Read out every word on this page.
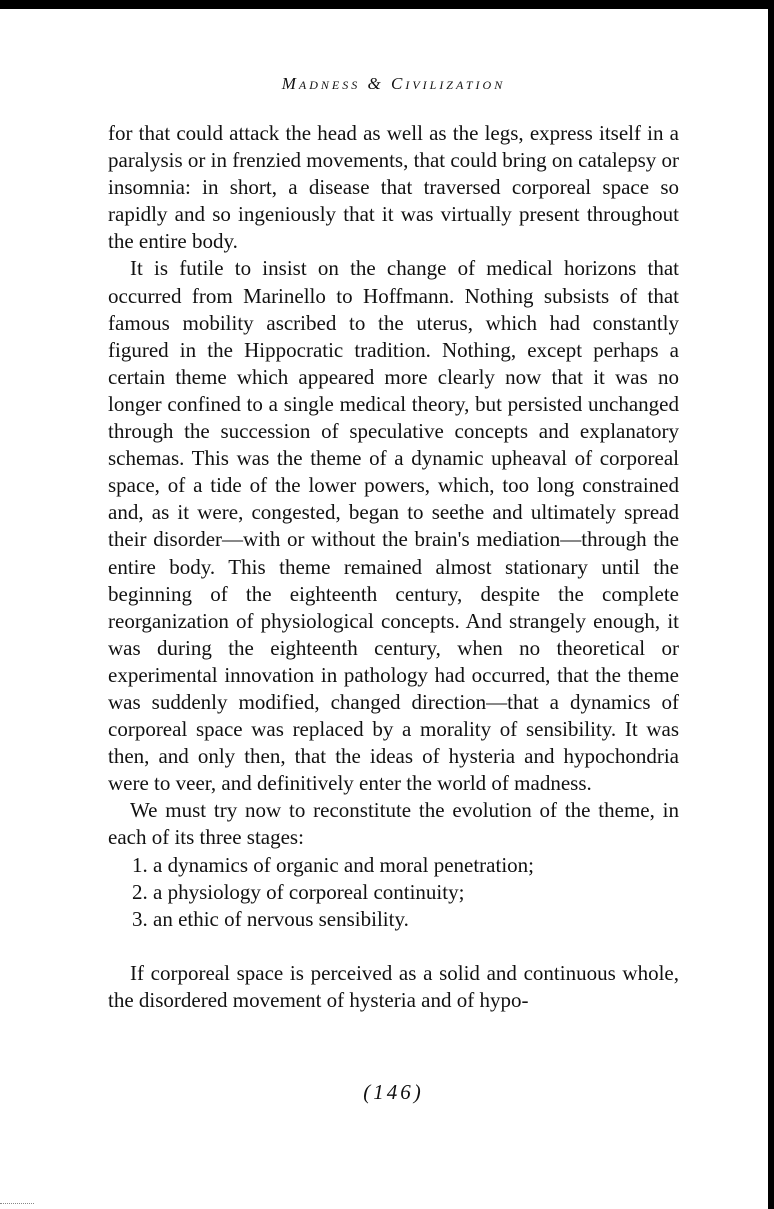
Madness & Civilization

for that could attack the head as well as the legs, express itself in a paralysis or in frenzied movements, that could bring on catalepsy or insomnia: in short, a disease that traversed corporeal space so rapidly and so ingeniously that it was virtually present throughout the entire body.

It is futile to insist on the change of medical horizons that occurred from Marinello to Hoffmann. Nothing subsists of that famous mobility ascribed to the uterus, which had constantly figured in the Hippocratic tradition. Nothing, except perhaps a certain theme which appeared more clearly now that it was no longer confined to a single medical theory, but persisted unchanged through the succession of speculative concepts and explanatory schemas. This was the theme of a dynamic upheaval of corporeal space, of a tide of the lower powers, which, too long constrained and, as it were, congested, began to seethe and ultimately spread their disorder—with or without the brain's mediation—through the entire body. This theme remained almost stationary until the beginning of the eighteenth century, despite the complete reorganization of physiological concepts. And strangely enough, it was during the eighteenth century, when no theoretical or experimental innovation in pathology had occurred, that the theme was suddenly modified, changed direction—that a dynamics of corporeal space was replaced by a morality of sensibility. It was then, and only then, that the ideas of hysteria and hypochondria were to veer, and definitively enter the world of madness.

We must try now to reconstitute the evolution of the theme, in each of its three stages:

1. a dynamics of organic and moral penetration;
2. a physiology of corporeal continuity;
3. an ethic of nervous sensibility.

If corporeal space is perceived as a solid and continuous whole, the disordered movement of hysteria and of hypo-

(146)
